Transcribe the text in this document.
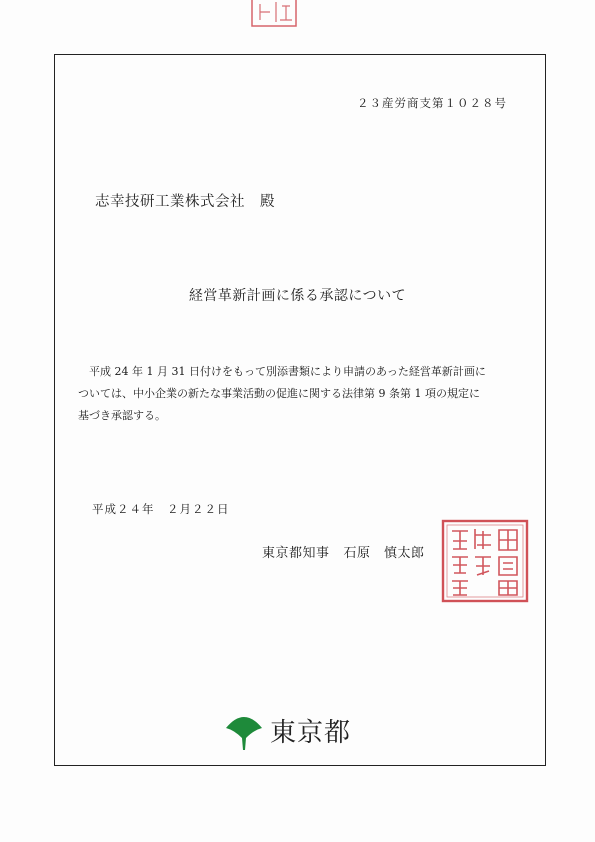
２３産労商支第１０２８号
志幸技研工業株式会社　殿
経営革新計画に係る承認について

平成 24 年 1 月 31 日付けをもって別添書類により申請のあった経営革新計画に

ついては、中小企業の新たな事業活動の促進に関する法律第 9 条第 1 項の規定に

基づき承認する。

平成２４年　２月２２日
東京都知事 石原　慎太郎
東京都
